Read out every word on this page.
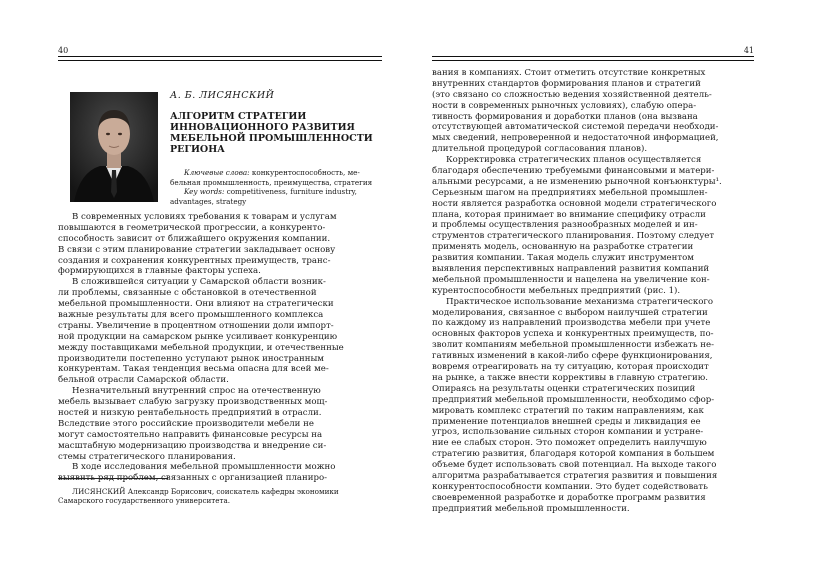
40
А. Б. ЛИСЯНСКИЙ
АЛГОРИТМ СТРАТЕГИИ
ИННОВАЦИОННОГО РАЗВИТИЯ
МЕБЕЛЬНОЙ ПРОМЫШЛЕННОСТИ
РЕГИОНА
Ключевые слова: конкурентоспособность, ме-
бельная промышленность, преимущества, стратегия
Key words: competitiveness, furniture industry,
advantages, strategy
В современных условиях требования к товарам и услугам
повышаются в геометрической прогрессии, а конкуренто-
способность зависит от ближайшего окружения компании.
В связи с этим планирование стратегии закладывает основу
создания и сохранения конкурентных преимуществ, транс-
формирующихся в главные факторы успеха.
В сложившейся ситуации у Самарской области возник-
ли проблемы, связанные с обстановкой в отечественной
мебельной промышленности. Они влияют на стратегически
важные результаты для всего промышленного комплекса
страны. Увеличение в процентном отношении доли импорт-
ной продукции на самарском рынке усиливает конкуренцию
между поставщиками мебельной продукции, и отечественные
производители постепенно уступают рынок иностранным
конкурентам. Такая тенденция весьма опасна для всей ме-
бельной отрасли Самарской области.
Незначительный внутренний спрос на отечественную
мебель вызывает слабую загрузку производственных мощ-
ностей и низкую рентабельность предприятий в отрасли.
Вследствие этого российские производители мебели не
могут самостоятельно направить финансовые ресурсы на
масштабную модернизацию производства и внедрение си-
стемы стратегического планирования.
В ходе исследования мебельной промышленности можно
выявить ряд проблем, связанных с организацией планиро-
ЛИСЯНСКИЙ Александр Борисович, соискатель кафедры экономики
Самарского государственного университета.
41
вания в компаниях. Стоит отметить отсутствие конкретных
внутренних стандартов формирования планов и стратегий
(это связано со сложностью ведения хозяйственной деятель-
ности в современных рыночных условиях), слабую опера-
тивность формирования и доработки планов (она вызвана
отсутствующей автоматической системой передачи необходи-
мых сведений, непроверенной и недостаточной информацией,
длительной процедурой согласования планов).
Корректировка стратегических планов осуществляется
благодаря обеспечению требуемыми финансовыми и матери-
альными ресурсами, а не изменению рыночной конъюнктуры¹.
Серьезным шагом на предприятиях мебельной промышлен-
ности является разработка основной модели стратегического
плана, которая принимает во внимание специфику отрасли
и проблемы осуществления разнообразных моделей и ин-
струментов стратегического планирования. Поэтому следует
применять модель, основанную на разработке стратегии
развития компании. Такая модель служит инструментом
выявления перспективных направлений развития компаний
мебельной промышленности и нацелена на увеличение кон-
курентоспособности мебельных предприятий (рис. 1).
Практическое использование механизма стратегического
моделирования, связанное с выбором наилучшей стратегии
по каждому из направлений производства мебели при учете
основных факторов успеха и конкурентных преимуществ, по-
зволит компаниям мебельной промышленности избежать не-
гативных изменений в какой-либо сфере функционирования,
вовремя отреагировать на ту ситуацию, которая происходит
на рынке, а также внести коррективы в главную стратегию.
Опираясь на результаты оценки стратегических позиций
предприятий мебельной промышленности, необходимо сфор-
мировать комплекс стратегий по таким направлениям, как
применение потенциалов внешней среды и ликвидация ее
угроз, использование сильных сторон компании и устране-
ние ее слабых сторон. Это поможет определить наилучшую
стратегию развития, благодаря которой компания в большем
объеме будет использовать свой потенциал. На выходе такого
алгоритма разрабатывается стратегия развития и повышения
конкурентоспособности компании. Это будет содействовать
своевременной разработке и доработке программ развития
предприятий мебельной промышленности.
